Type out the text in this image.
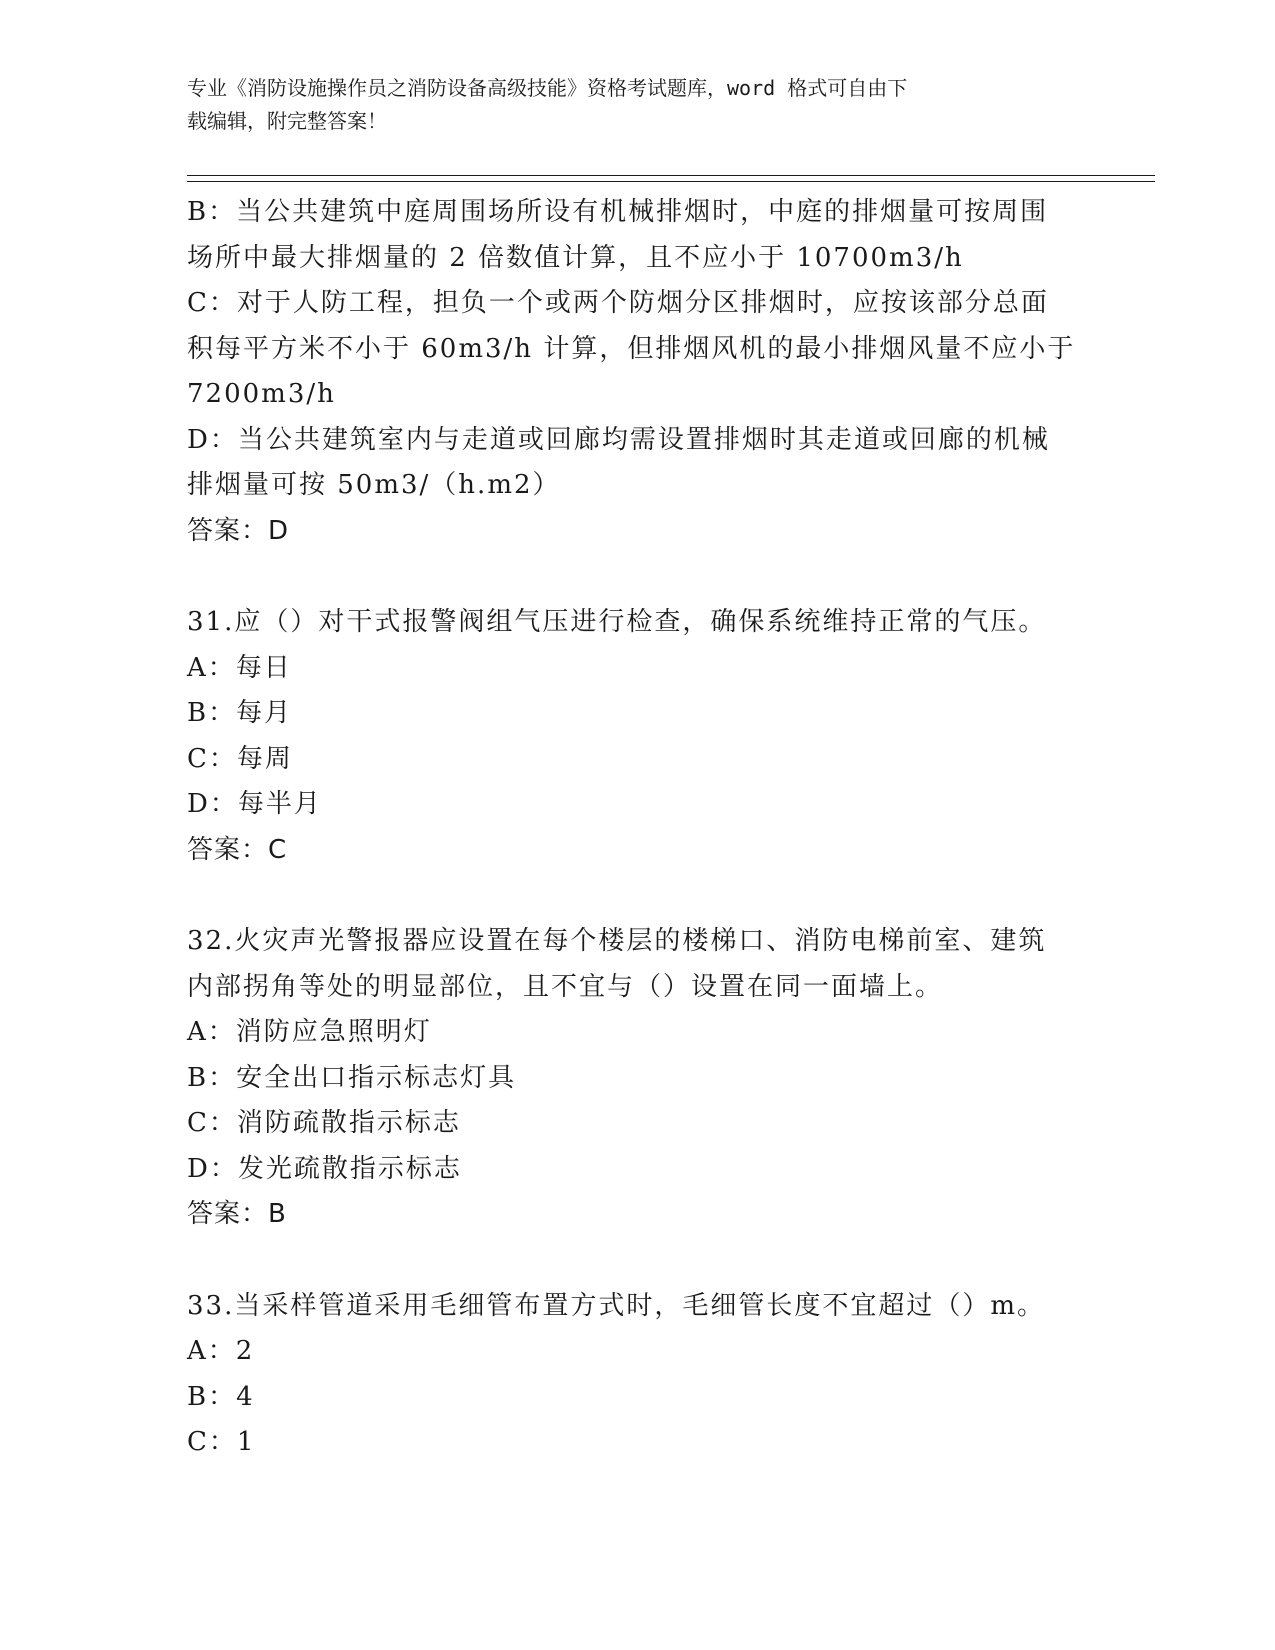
专业《消防设施操作员之消防设备高级技能》资格考试题库，word 格式可自由下
载编辑，附完整答案！
B：当公共建筑中庭周围场所设有机械排烟时，中庭的排烟量可按周围
场所中最大排烟量的 2 倍数值计算，且不应小于 10700m3/h
C：对于人防工程，担负一个或两个防烟分区排烟时，应按该部分总面
积每平方米不小于 60m3/h 计算，但排烟风机的最小排烟风量不应小于
7200m3/h
D：当公共建筑室内与走道或回廊均需设置排烟时其走道或回廊的机械
排烟量可按 50m3/（h.m2）
答案：D
31.应（）对干式报警阀组气压进行检查，确保系统维持正常的气压。
A：每日
B：每月
C：每周
D：每半月
答案：C
32.火灾声光警报器应设置在每个楼层的楼梯口、消防电梯前室、建筑
内部拐角等处的明显部位，且不宜与（）设置在同一面墙上。
A：消防应急照明灯
B：安全出口指示标志灯具
C：消防疏散指示标志
D：发光疏散指示标志
答案：B
33.当采样管道采用毛细管布置方式时，毛细管长度不宜超过（）m。
A：2
B：4
C：1
